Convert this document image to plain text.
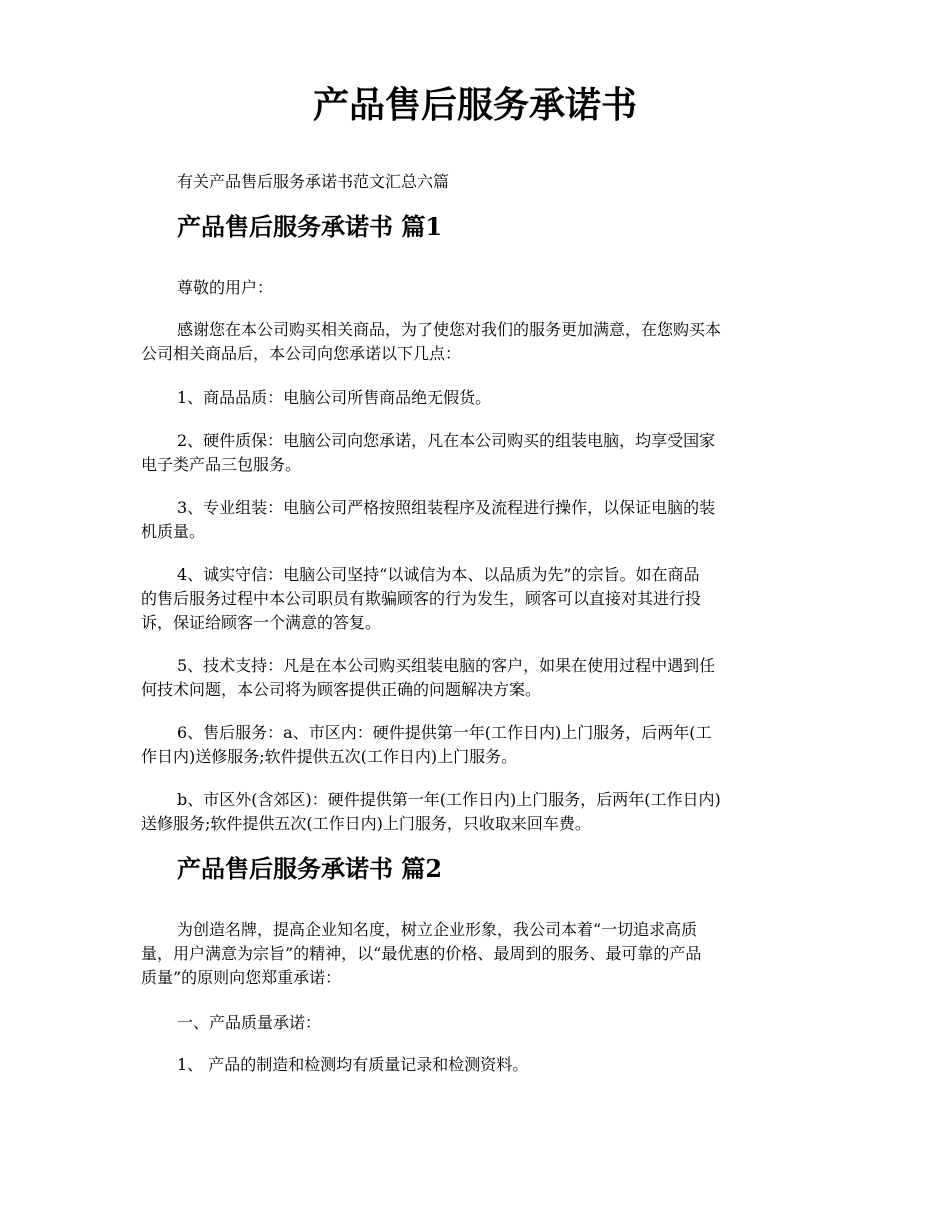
产品售后服务承诺书
有关产品售后服务承诺书范文汇总六篇
产品售后服务承诺书 篇1
尊敬的用户：
感谢您在本公司购买相关商品，为了使您对我们的服务更加满意，在您购买本
公司相关商品后，本公司向您承诺以下几点：
1、商品品质：电脑公司所售商品绝无假货。
2、硬件质保：电脑公司向您承诺，凡在本公司购买的组装电脑，均享受国家
电子类产品三包服务。
3、专业组装：电脑公司严格按照组装程序及流程进行操作，以保证电脑的装
机质量。
4、诚实守信：电脑公司坚持“以诚信为本、以品质为先”的宗旨。如在商品
的售后服务过程中本公司职员有欺骗顾客的行为发生，顾客可以直接对其进行投
诉，保证给顾客一个满意的答复。
5、技术支持：凡是在本公司购买组装电脑的客户，如果在使用过程中遇到任
何技术问题，本公司将为顾客提供正确的问题解决方案。
6、售后服务：a、市区内：硬件提供第一年(工作日内)上门服务，后两年(工
作日内)送修服务;软件提供五次(工作日内)上门服务。
b、市区外(含郊区)：硬件提供第一年(工作日内)上门服务，后两年(工作日内)
送修服务;软件提供五次(工作日内)上门服务，只收取来回车费。
产品售后服务承诺书 篇2
为创造名牌，提高企业知名度，树立企业形象，我公司本着“一切追求高质
量，用户满意为宗旨”的精神，以“最优惠的价格、最周到的服务、最可靠的产品
质量”的原则向您郑重承诺：
一、产品质量承诺：
1、 产品的制造和检测均有质量记录和检测资料。
